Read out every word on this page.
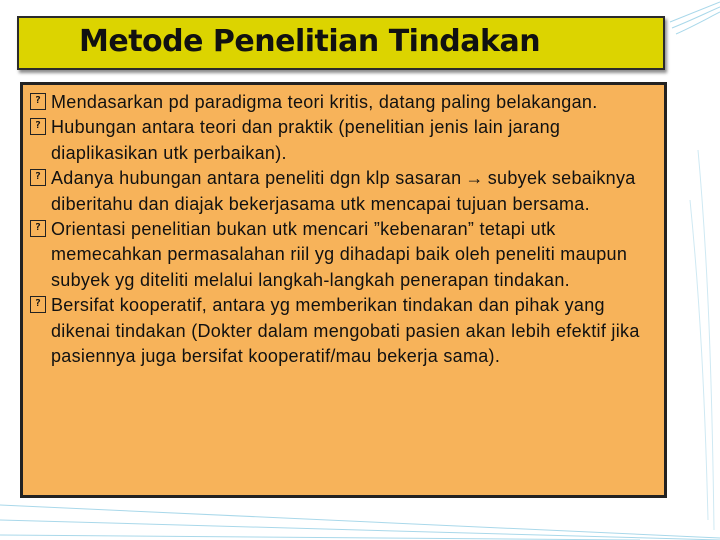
Metode Penelitian Tindakan
? Mendasarkan pd paradigma teori kritis, datang paling belakangan.
? Hubungan antara teori dan praktik (penelitian jenis lain jarang diaplikasikan utk perbaikan).
? Adanya hubungan antara peneliti dgn klp sasaran → subyek sebaiknya diberitahu dan diajak bekerjasama utk mencapai tujuan bersama.
? Orientasi penelitian bukan utk mencari ”kebenaran” tetapi utk memecahkan permasalahan riil yg dihadapi baik oleh peneliti maupun subyek yg diteliti melalui langkah-langkah penerapan tindakan.
? Bersifat kooperatif, antara yg memberikan tindakan dan pihak yang dikenai tindakan (Dokter dalam mengobati pasien akan lebih efektif jika pasiennya juga bersifat kooperatif/mau bekerja sama).
